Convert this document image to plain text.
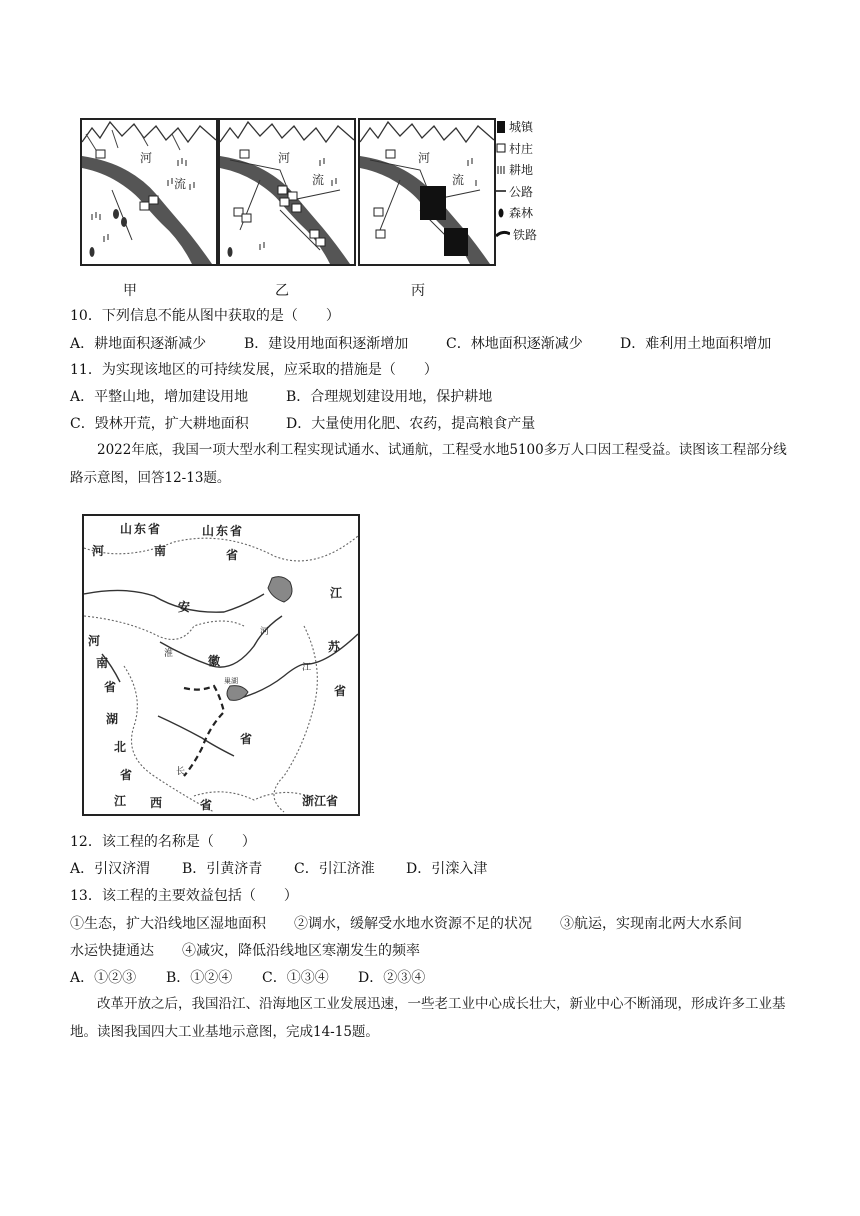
河
流
河
流
河
流
城镇
村庄
耕地
公路
森林
铁路
甲	乙	丙
10．下列信息不能从图中获取的是（　　）
A．耕地面积逐渐减少	B．建设用地面积逐渐增加	C．林地面积逐渐减少	D．难利用土地面积增加
11．为实现该地区的可持续发展，应采取的措施是（　　）
A．平整山地，增加建设用地	B．合理规划建设用地，保护耕地
C．毁林开荒，扩大耕地面积	D．大量使用化肥、农药，提高粮食产量
2022年底，我国一项大型水利工程实现试通水、试通航，工程受水地5100多万人口因工程受益。读图该工程部分线路示意图，回答12-13题。
山东省	山东省
河	南	省
安
江
河
南
省
湖
北
省
淮
河
徽
苏
江
省
省
长
江 西	省	浙江省
巢湖
12．该工程的名称是（　　）
A．引汉济渭 B．引黄济青 C．引江济淮 D．引滦入津
13．该工程的主要效益包括（　　）
①生态，扩大沿线地区湿地面积　　②调水，缓解受水地水资源不足的状况　　③航运，实现南北两大水系间
水运快捷通达　　④减灾，降低沿线地区寒潮发生的频率
A．①②③ B．①②④ C．①③④ D．②③④
改革开放之后，我国沿江、沿海地区工业发展迅速，一些老工业中心成长壮大，新业中心不断涌现，形成许多工业基地。读图我国四大工业基地示意图，完成14-15题。
